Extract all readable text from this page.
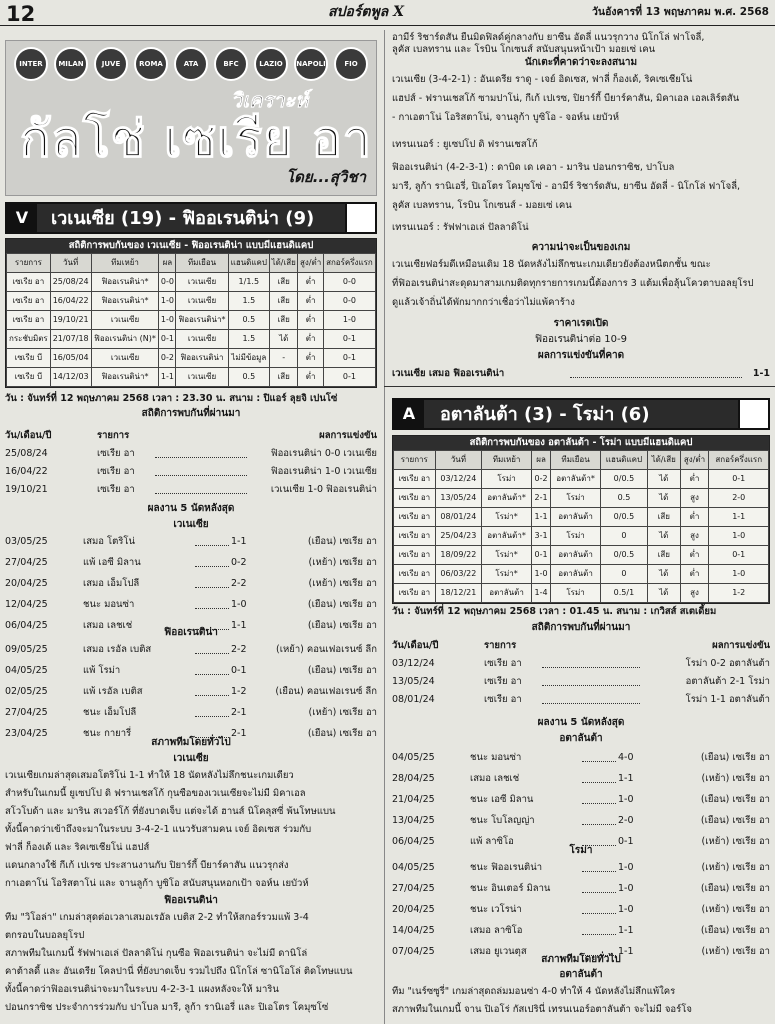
12	สปอร์ตพูล X	วันอังคารที่ 13 พฤษภาคม พ.ศ. 2568
INTER	MILAN	JUVE	ROMA	ATA	BFC	LAZIO	NAPOLI	FIO
วิเคราะห์
กัลโช่ เซเรีย อา
โดย...สุวิชา
V	เวเนเซีย (19) - ฟิออเรนติน่า (9)
สถิติการพบกันของ เวเนเซีย - ฟิออเรนติน่า แบบมีแฮนดิแคป
รายการ	วันที่	ทีมเหย้า	ผล	ทีมเยือน	แฮนดิแคป	ได้/เสีย	สูง/ต่ำ	สกอร์ครึ่งแรก
เซเรีย อา	25/08/24	ฟิออเรนติน่า*	0-0	เวเนเซีย	1/1.5	เสีย	ต่ำ	0-0
เซเรีย อา	16/04/22	ฟิออเรนติน่า*	1-0	เวเนเซีย	1.5	เสีย	ต่ำ	0-0
เซเรีย อา	19/10/21	เวเนเซีย	1-0	ฟิออเรนติน่า*	0.5	เสีย	ต่ำ	1-0
กระชับมิตร	21/07/18	ฟิออเรนติน่า (N)*	0-1	เวเนเซีย	1.5	ได้	ต่ำ	0-1
เซเรีย บี	16/05/04	เวเนเซีย	0-2	ฟิออเรนติน่า	ไม่มีข้อมูล	-	ต่ำ	0-1
เซเรีย บี	14/12/03	ฟิออเรนติน่า*	1-1	เวเนเซีย	0.5	เสีย	ต่ำ	0-1
วัน : จันทร์ที่ 12 พฤษภาคม 2568 เวลา : 23.30 น. สนาม : ปิแอร์ ลุยจิ เปนโซ่
สถิติการพบกันที่ผ่านมา
วัน/เดือน/ปี	รายการ	ผลการแข่งขัน
25/08/24	เซเรีย อา	ฟิออเรนติน่า 0-0 เวเนเซีย
16/04/22	เซเรีย อา	ฟิออเรนติน่า 1-0 เวเนเซีย
19/10/21	เซเรีย อา	เวเนเซีย 1-0 ฟิออเรนติน่า
ผลงาน 5 นัดหลังสุด
เวเนเซีย
03/05/25	เสมอ โตริโน่	1-1	(เยือน) เซเรีย อา
27/04/25	แพ้ เอซี มิลาน	0-2	(เหย้า) เซเรีย อา
20/04/25	เสมอ เอ็มโปลี	2-2	(เหย้า) เซเรีย อา
12/04/25	ชนะ มอนซ่า	1-0	(เยือน) เซเรีย อา
06/04/25	เสมอ เลชเช่	1-1	(เยือน) เซเรีย อา
ฟิออเรนติน่า
09/05/25	เสมอ เรอัล เบติส	2-2	(เหย้า) คอนเฟอเรนซ์ ลีก
04/05/25	แพ้ โรม่า	0-1	(เยือน) เซเรีย อา
02/05/25	แพ้ เรอัล เบติส	1-2	(เยือน) คอนเฟอเรนซ์ ลีก
27/04/25	ชนะ เอ็มโปลี	2-1	(เหย้า) เซเรีย อา
23/04/25	ชนะ กายารี่	2-1	(เยือน) เซเรีย อา
สภาพทีมโดยทั่วไป
เวเนเซีย
เวเนเซียเกมล่าสุดเสมอโตริโน่ 1-1 ทำให้ 18 นัดหลังไม่ลึกชนะเกมเดียว
สำหรับในเกมนี้ ยูเซปโป ดิ ฟรานเชสโก้ กุนซือของเวเนเซียจะไม่มี มิคาเอล
สโวโบด้า และ มาริน สเวอร์โก้ ที่ยังบาดเจ็บ แต่จะได้ ฮานส์ นิโคลุสซี่ พ้นโทษแบน
ทั้งนี้คาดว่าเข้าถึงจะมาในระบบ 3-4-2-1 แนวรับสามคน เจย์ อิดเซส ร่วมกับ
ฟาลี่ ก็องเด้ และ ริคเซเชียโน่ แฮปส์
แดนกลางใช้ กีเก้ เปเรซ ประสานงานกับ ปิยาร์กี้ บียาร์คาสัน แนวรุกส่ง
กาเอตาโน่ โอริสตาโน่ และ จานลูก้า บูซิโอ สนับสนุนหอกเป้า จอห์น เยบัวห์
ฟิออเรนติน่า
ทีม "วิโอล่า" เกมล่าสุดต่อเวลาเสมอเรอัล เบติส 2-2 ทำให้สกอร์รวมแพ้ 3-4
ตกรอบในบอลยุโรป
สภาพทีมในเกมนี้ รัฟฟาเอเล่ ปัลลาดิโน่ กุนซือ ฟิออเรนติน่า จะไม่มี ดานิโล่
คาต้าลดี้ และ อันเดรีย โคลปานี่ ที่ยังบาดเจ็บ รวมไปถึง นิโกโล่ ซานิโอโล่ ติดโทษแบน
ทั้งนี้คาดว่าฟิออเรนติน่าจะมาในระบบ 4-2-3-1 แผงหลังจะให้ มาริน
ปอนกราซิช ประจำการร่วมกับ ปาโบล มารี, ลูก้า รานิเอรี่ และ ปิเอโตร โคมุซโซ่
อามีร์ ริชาร์ดสัน ยืนมิดฟิลด์คู่กลางกับ ยาซีน อัดลี่ แนวรุกวาง นิโกโล่ ฟาโจลี่,
ลูคัส เบลทราน และ โรบิน โกเซนส์ สนับสนุนหน้าเป้า มอยเซ่ เคน
นักเตะที่คาดว่าจะลงสนาม
เวเนเซีย (3-4-2-1) : อันเดรีย ราดู - เจย์ อิดเซส, ฟาลี่ ก็องเด้, ริคเซเชียโน่
แฮปส์ - ฟรานเชสโก้ ซามปาโน่, กีเก้ เปเรซ, ปิยาร์กี้ บียาร์คาสัน, มิคาเอล เอลเลิร์ตสัน
- กาเอตาโน่ โอริสตาโน่, จานลูก้า บูซิโอ - จอห์น เยบัวห์
เทรนเนอร์ : ยูเซปโป ดิ ฟรานเชสโก้
ฟิออเรนติน่า (4-2-3-1) : ดาบิด เด เคอา - มาริน ปอนกราซิช, ปาโบล
มารี, ลูก้า รานิเอรี่, ปิเอโตร โคมุซโซ่ - อามีร์ ริชาร์ดสัน, ยาซีน อัดลี่ - นิโกโล่ ฟาโจลี่,
ลูคัส เบลทราน, โรบิน โกเซนส์ - มอยเซ่ เคน
เทรนเนอร์ : รัฟฟาเอเล่ ปัลลาดิโน่
ความน่าจะเป็นของเกม
เวเนเซียฟอร์มดีเหมือนเดิม 18 นัดหลังไม่ลึกชนะเกมเดียวยังต้องหนีตกชั้น ขณะ
ที่ฟิออเรนติน่าสะดุดมาสามเกมติดทุกรายการเกมนี้ต้องการ 3 แต้มเพื่อลุ้นโควตาบอลยุโรป
ดูแล้วเจ้าถิ่นได้พักมากกว่าเชื่อว่าไม่แพ้คาร้าง
ราคาเรตเปิด
ฟิออเรนติน่าต่อ 10-9
ผลการแข่งขันที่คาด
เวเนเซีย เสมอ ฟิออเรนติน่า	1-1
A	อตาลันต้า (3) - โรม่า (6)
สถิติการพบกันของ อตาลันต้า - โรม่า แบบมีแฮนดิแคป
รายการ	วันที่	ทีมเหย้า	ผล	ทีมเยือน	แฮนดิแคป	ได้/เสีย	สูง/ต่ำ	สกอร์ครึ่งแรก
เซเรีย อา	03/12/24	โรม่า	0-2	อตาลันต้า*	0/0.5	ได้	ต่ำ	0-1
เซเรีย อา	13/05/24	อตาลันต้า*	2-1	โรม่า	0.5	ได้	สูง	2-0
เซเรีย อา	08/01/24	โรม่า*	1-1	อตาลันต้า	0/0.5	เสีย	ต่ำ	1-1
เซเรีย อา	25/04/23	อตาลันต้า*	3-1	โรม่า	0	ได้	สูง	1-0
เซเรีย อา	18/09/22	โรม่า*	0-1	อตาลันต้า	0/0.5	เสีย	ต่ำ	0-1
เซเรีย อา	06/03/22	โรม่า*	1-0	อตาลันต้า	0	ได้	ต่ำ	1-0
เซเรีย อา	18/12/21	อตาลันต้า	1-4	โรม่า	0.5/1	ได้	สูง	1-2
วัน : จันทร์ที่ 12 พฤษภาคม 2568 เวลา : 01.45 น. สนาม : เกวิสส์ สเตเดี้ยม
สถิติการพบกันที่ผ่านมา
วัน/เดือน/ปี	รายการ	ผลการแข่งขัน
03/12/24	เซเรีย อา	โรม่า 0-2 อตาลันต้า
13/05/24	เซเรีย อา	อตาลันต้า 2-1 โรม่า
08/01/24	เซเรีย อา	โรม่า 1-1 อตาลันต้า
ผลงาน 5 นัดหลังสุด
อตาลันต้า
04/05/25	ชนะ มอนซ่า	4-0	(เยือน) เซเรีย อา
28/04/25	เสมอ เลชเช่	1-1	(เหย้า) เซเรีย อา
21/04/25	ชนะ เอซี มิลาน	1-0	(เยือน) เซเรีย อา
13/04/25	ชนะ โบโลญญ่า	2-0	(เยือน) เซเรีย อา
06/04/25	แพ้ ลาซิโอ	0-1	(เหย้า) เซเรีย อา
โรม่า
04/05/25	ชนะ ฟิออเรนติน่า	1-0	(เหย้า) เซเรีย อา
27/04/25	ชนะ อินเตอร์ มิลาน	1-0	(เยือน) เซเรีย อา
20/04/25	ชนะ เวโรน่า	1-0	(เหย้า) เซเรีย อา
14/04/25	เสมอ ลาซิโอ	1-1	(เยือน) เซเรีย อา
07/04/25	เสมอ ยูเวนตุส	1-1	(เหย้า) เซเรีย อา
สภาพทีมโดยทั่วไป
อตาลันต้า
ทีม "เนร์ซซูรี่" เกมล่าสุดถล่มมอนซ่า 4-0 ทำให้ 4 นัดหลังไม่ลึกแพ้ใคร
สภาพทีมในเกมนี้ จาน ปิเอโร่ กัสเปรินี่ เทรนเนอร์อตาลันต้า จะไม่มี จอร์โจ
